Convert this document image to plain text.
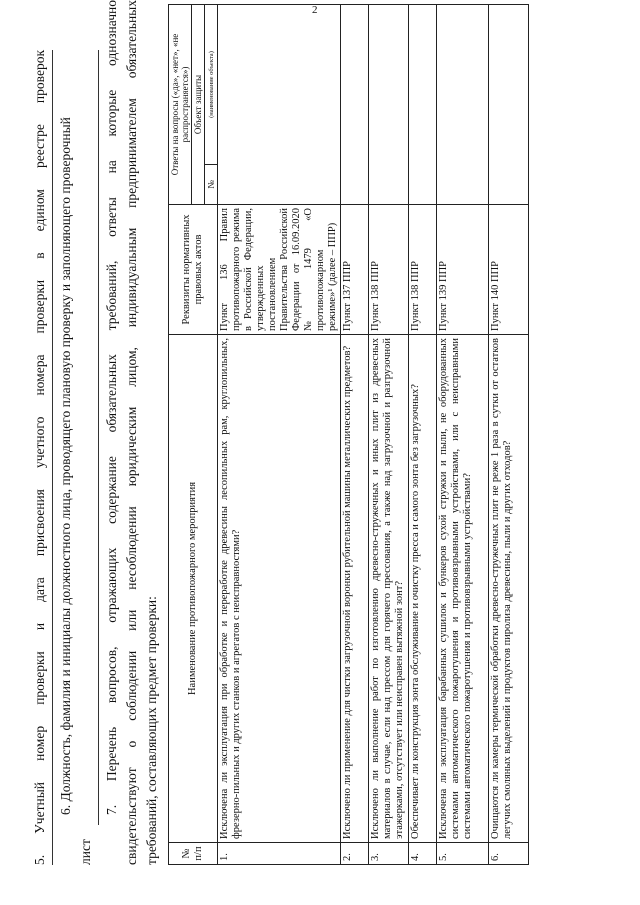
2
5. Учетный номер проверки и дата присвоения учетного номера проверки в едином реестре проверок 6. Должность, фамилия и инициалы должностного лица, проводящего плановую проверку и заполняющего проверочный
лист
7. Перечень вопросов, отражающих содержание обязательных требований, ответы на которые однозначно свидетельствуют о соблюдении или несоблюдении юридическим лицом, индивидуальным предпринимателем обязательных требований, составляющих предмет проверки: № п/п	Наименование противопожарного мероприятия	Реквизиты нормативных правовых актов	Ответы на вопросы («да», «нет», «не распространяется»)	
			Объект защиты	
			№	(наименование объекта)
1.	Исключена ли эксплуатация при обработке и переработке древесины лесопильных рам, круглопильных, фрезерно-пильных и других станков и агрегатов с неисправностями?	Пункт 136 Правил противопожарного режима в Российской Федерации, утвержденных постановлением Правительства Российской Федерации от 16.09.2020 № 1479 «О противопожарном режиме»¹ (далее – ППР)		
2.	Исключено ли применение для чистки загрузочной воронки рубительной машины металлических предметов?	Пункт 137 ППР		
3.	Исключено ли выполнение работ по изготовлению древесно-стружечных и иных плит из древесных материалов в случае, если над прессом для горячего прессования, а также над загрузочной и разгрузочной этажерками, отсутствует или неисправен вытяжной зонт?	Пункт 138 ППР		
4.	Обеспечивает ли конструкция зонта обслуживание и очистку пресса и самого зонта без загрузочных?	Пункт 138 ППР		
5.	Исключена ли эксплуатация барабанных сушилок и бункеров сухой стружки и пыли, не оборудованных системами автоматического пожаротушения и противовзрывными устройствами, или с неисправными системами автоматического пожаротушения и противовзрывными устройствами?	Пункт 139 ППР		
6.	Очищаются ли камеры термической обработки древесно-стружечных плит не реже 1 раза в сутки от остатков легучих смоляных выделений и продуктов пиролиза древесины, пыли и других отходов?	Пункт 140 ППР		
